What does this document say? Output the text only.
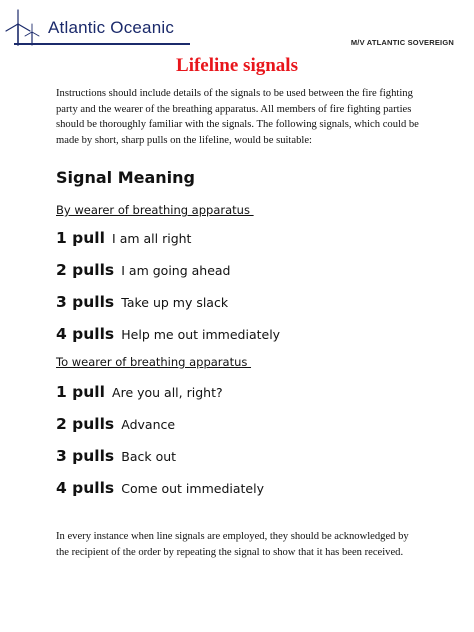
Atlantic Oceanic
M/V ATLANTIC SOVEREIGN
Lifeline signals
Instructions should include details of the signals to be used between the fire fighting party and the wearer of the breathing apparatus. All members of fire fighting parties should be thoroughly familiar with the signals. The following signals, which could be made by short, sharp pulls on the lifeline, would be suitable:
Signal Meaning
By wearer of breathing apparatus
1 pull I am all right
2 pulls I am going ahead
3 pulls Take up my slack
4 pulls Help me out immediately
To wearer of breathing apparatus
1 pull Are you all, right?
2 pulls Advance
3 pulls Back out
4 pulls Come out immediately
In every instance when line signals are employed, they should be acknowledged by the recipient of the order by repeating the signal to show that it has been received.
